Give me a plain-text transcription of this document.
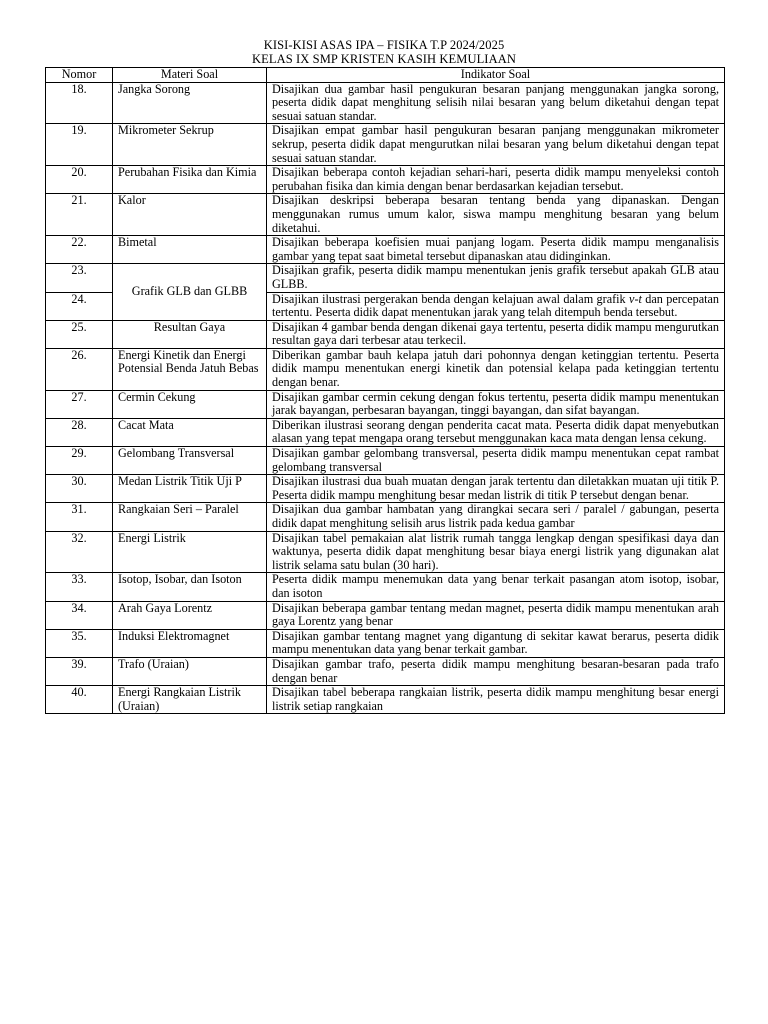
KISI-KISI ASAS IPA – FISIKA T.P 2024/2025
KELAS IX SMP KRISTEN KASIH KEMULIAAN
Nomor	Materi Soal	Indikator Soal
18.	Jangka Sorong	Disajikan dua gambar hasil pengukuran besaran panjang menggunakan jangka sorong, peserta didik dapat menghitung selisih nilai besaran yang belum diketahui dengan tepat sesuai satuan standar.
19.	Mikrometer Sekrup	Disajikan empat gambar hasil pengukuran besaran panjang menggunakan mikrometer sekrup, peserta didik dapat mengurutkan nilai besaran yang belum diketahui dengan tepat sesuai satuan standar.
20.	Perubahan Fisika dan Kimia	Disajikan beberapa contoh kejadian sehari-hari, peserta didik mampu menyeleksi contoh perubahan fisika dan kimia dengan benar berdasarkan kejadian tersebut.
21.	Kalor	Disajikan deskripsi beberapa besaran tentang benda yang dipanaskan. Dengan menggunakan rumus umum kalor, siswa mampu menghitung besaran yang belum diketahui.
22.	Bimetal	Disajikan beberapa koefisien muai panjang logam. Peserta didik mampu menganalisis gambar yang tepat saat bimetal tersebut dipanaskan atau didinginkan.
23.	Grafik GLB dan GLBB	Disajikan grafik, peserta didik mampu menentukan jenis grafik tersebut apakah GLB atau GLBB.
24.		Disajikan ilustrasi pergerakan benda dengan kelajuan awal dalam grafik v-t dan percepatan tertentu. Peserta didik dapat menentukan jarak yang telah ditempuh benda tersebut.
25.	Resultan Gaya	Disajikan 4 gambar benda dengan dikenai gaya tertentu, peserta didik mampu mengurutkan resultan gaya dari terbesar atau terkecil.
26.	Energi Kinetik dan Energi Potensial Benda Jatuh Bebas	Diberikan gambar bauh kelapa jatuh dari pohonnya dengan ketinggian tertentu. Peserta didik mampu menentukan energi kinetik dan potensial kelapa pada ketinggian tertentu dengan benar.
27.	Cermin Cekung	Disajikan gambar cermin cekung dengan fokus tertentu, peserta didik mampu menentukan jarak bayangan, perbesaran bayangan, tinggi bayangan, dan sifat bayangan.
28.	Cacat Mata	Diberikan ilustrasi seorang dengan penderita cacat mata. Peserta didik dapat menyebutkan alasan yang tepat mengapa orang tersebut menggunakan kaca mata dengan lensa cekung.
29.	Gelombang Transversal	Disajikan gambar gelombang transversal, peserta didik mampu menentukan cepat rambat gelombang transversal
30.	Medan Listrik Titik Uji P	Disajikan ilustrasi dua buah muatan dengan jarak tertentu dan diletakkan muatan uji titik P. Peserta didik mampu menghitung besar medan listrik di titik P tersebut dengan benar.
31.	Rangkaian Seri – Paralel	Disajikan dua gambar hambatan yang dirangkai secara seri / paralel / gabungan, peserta didik dapat menghitung selisih arus listrik pada kedua gambar
32.	Energi Listrik	Disajikan tabel pemakaian alat listrik rumah tangga lengkap dengan spesifikasi daya dan waktunya, peserta didik dapat menghitung besar biaya energi listrik yang digunakan alat listrik selama satu bulan (30 hari).
33.	Isotop, Isobar, dan Isoton	Peserta didik mampu menemukan data yang benar terkait pasangan atom isotop, isobar, dan isoton
34.	Arah Gaya Lorentz	Disajikan beberapa gambar tentang medan magnet, peserta didik mampu menentukan arah gaya Lorentz yang benar
35.	Induksi Elektromagnet	Disajikan gambar tentang magnet yang digantung di sekitar kawat berarus, peserta didik mampu menentukan data yang benar terkait gambar.
39.	Trafo (Uraian)	Disajikan gambar trafo, peserta didik mampu menghitung besaran-besaran pada trafo dengan benar
40.	Energi Rangkaian Listrik (Uraian)	Disajikan tabel beberapa rangkaian listrik, peserta didik mampu menghitung besar energi listrik setiap rangkaian
